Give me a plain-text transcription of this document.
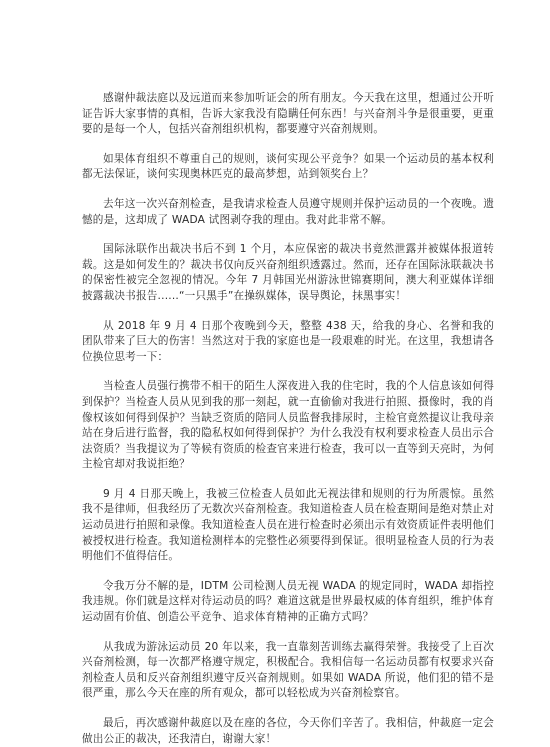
感谢仲裁法庭以及远道而来参加听证会的所有朋友。今天我在这里，想通过公开听证告诉大家事情的真相，告诉大家我没有隐瞒任何东西！与兴奋剂斗争是很重要，更重要的是每一个人，包括兴奋剂组织机构，都要遵守兴奋剂规则。

如果体育组织不尊重自己的规则，谈何实现公平竞争？如果一个运动员的基本权利都无法保证，谈何实现奥林匹克的最高梦想，站到领奖台上？

去年这一次兴奋剂检查，是我请求检查人员遵守规则并保护运动员的一个夜晚。遗憾的是，这却成了 WADA 试图剥夺我的理由。我对此非常不解。

国际泳联作出裁决书后不到 1 个月，本应保密的裁决书竟然泄露并被媒体报道转载。这是如何发生的？裁决书仅向反兴奋剂组织透露过。然而，还存在国际泳联裁决书的保密性被完全忽视的情况。今年 7 月韩国光州游泳世锦赛期间，澳大利亚媒体详细披露裁决书报告......“一只黑手”在操纵媒体，误导舆论，抹黑事实！

从 2018 年 9 月 4 日那个夜晚到今天，整整 438 天，给我的身心、名誉和我的团队带来了巨大的伤害！当然这对于我的家庭也是一段艰难的时光。在这里，我想请各位换位思考一下：

当检查人员强行携带不相干的陌生人深夜进入我的住宅时，我的个人信息该如何得到保护？当检查人员从见到我的那一刻起，就一直偷偷对我进行拍照、摄像时，我的肖像权该如何得到保护？当缺乏资质的陪同人员监督我排尿时，主检官竟然提议让我母亲站在身后进行监督，我的隐私权如何得到保护？为什么我没有权利要求检查人员出示合法资质？当我提议为了等候有资质的检查官来进行检查，我可以一直等到天亮时，为何主检官却对我说拒绝？

9 月 4 日那天晚上，我被三位检查人员如此无视法律和规则的行为所震惊。虽然我不是律师，但我经历了无数次兴奋剂检查。我知道检查人员在检查期间是绝对禁止对运动员进行拍照和录像。我知道检查人员在进行检查时必须出示有效资质证件表明他们被授权进行检查。我知道检测样本的完整性必须要得到保证。很明显检查人员的行为表明他们不值得信任。

令我万分不解的是，IDTM 公司检测人员无视 WADA 的规定同时，WADA 却指控我违规。你们就是这样对待运动员的吗？难道这就是世界最权威的体育组织，维护体育运动固有价值、创造公平竞争、追求体育精神的正确方式吗？

从我成为游泳运动员 20 年以来，我一直靠刻苦训练去赢得荣誉。我接受了上百次兴奋剂检测，每一次都严格遵守规定，积极配合。我相信每一名运动员都有权要求兴奋剂检查人员和反兴奋剂组织遵守反兴奋剂规则。如果如 WADA 所说，他们犯的错不是很严重，那么今天在座的所有观众，都可以轻松成为兴奋剂检察官。

最后，再次感谢仲裁庭以及在座的各位，今天你们辛苦了。我相信，仲裁庭一定会做出公正的裁决，还我清白，谢谢大家！
